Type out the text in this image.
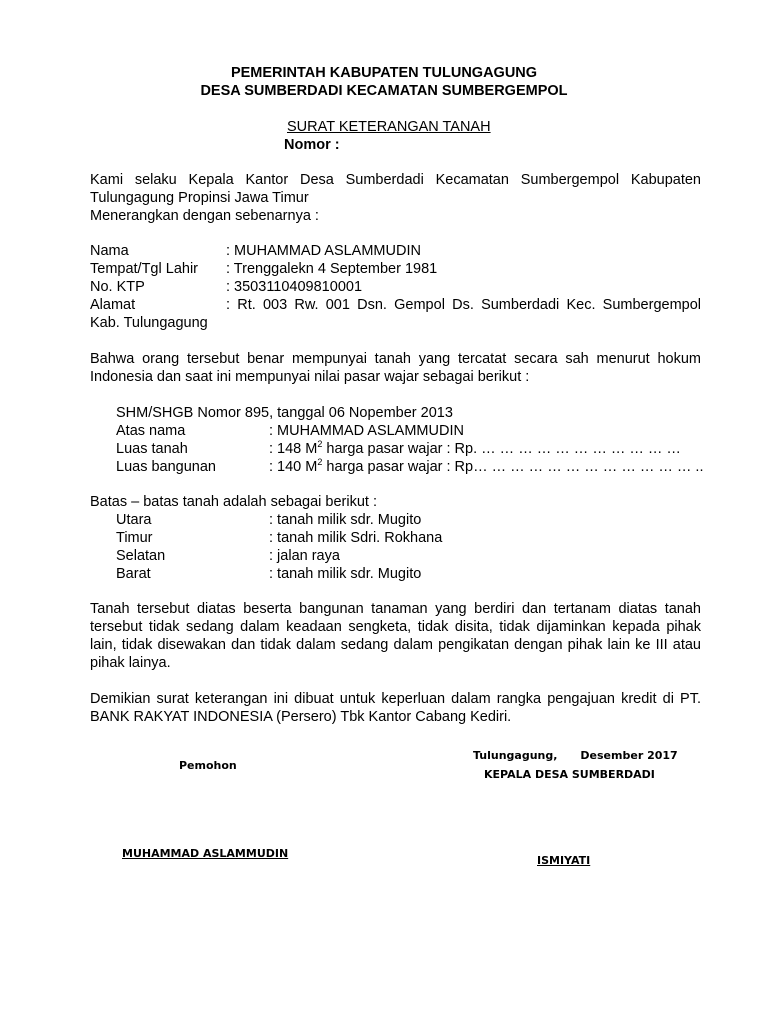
PEMERINTAH KABUPATEN TULUNGAGUNG
DESA SUMBERDADI KECAMATAN SUMBERGEMPOL
SURAT KETERANGAN TANAH
Nomor :
Kami selaku Kepala Kantor Desa Sumberdadi Kecamatan Sumbergempol Kabupaten Tulungagung Propinsi Jawa Timur
Menerangkan dengan sebenarnya :
Nama	: MUHAMMAD ASLAMMUDIN
Tempat/Tgl Lahir : Trenggalekn 4 September 1981
No. KTP	: 3503110409810001
Alamat	: Rt. 003 Rw. 001 Dsn. Gempol Ds. Sumberdadi Kec. Sumbergempol
Kab. Tulungagung
Bahwa orang tersebut benar mempunyai tanah yang tercatat secara sah menurut hokum Indonesia dan saat ini mempunyai nilai pasar wajar sebagai berikut :
SHM/SHGB Nomor 895, tanggal 06 Nopember 2013
Atas nama	: MUHAMMAD ASLAMMUDIN
Luas tanah	: 148 $M^2$ harga pasar wajar : Rp. … … … … … … … … … … …
Luas bangunan	: 140 $M^2$ harga pasar wajar : Rp… … … … … … … … … … … … ..
Batas – batas tanah adalah sebagai berikut :
Utara	: tanah milik sdr. Mugito
Timur	: tanah milik Sdri. Rokhana
Selatan	: jalan raya
Barat	: tanah milik sdr. Mugito
Tanah tersebut diatas beserta bangunan tanaman yang berdiri dan tertanam diatas tanah tersebut tidak sedang dalam keadaan sengketa, tidak disita, tidak dijaminkan kepada pihak lain, tidak disewakan dan tidak dalam sedang dalam pengikatan dengan pihak lain ke III atau pihak lainya.
Demikian surat keterangan ini dibuat untuk keperluan dalam rangka pengajuan kredit di PT. BANK RAKYAT INDONESIA (Persero) Tbk Kantor Cabang Kediri.
Pemohon
Tulungagung,      Desember 2017
KEPALA DESA SUMBERDADI
MUHAMMAD ASLAMMUDIN
ISMIYATI
